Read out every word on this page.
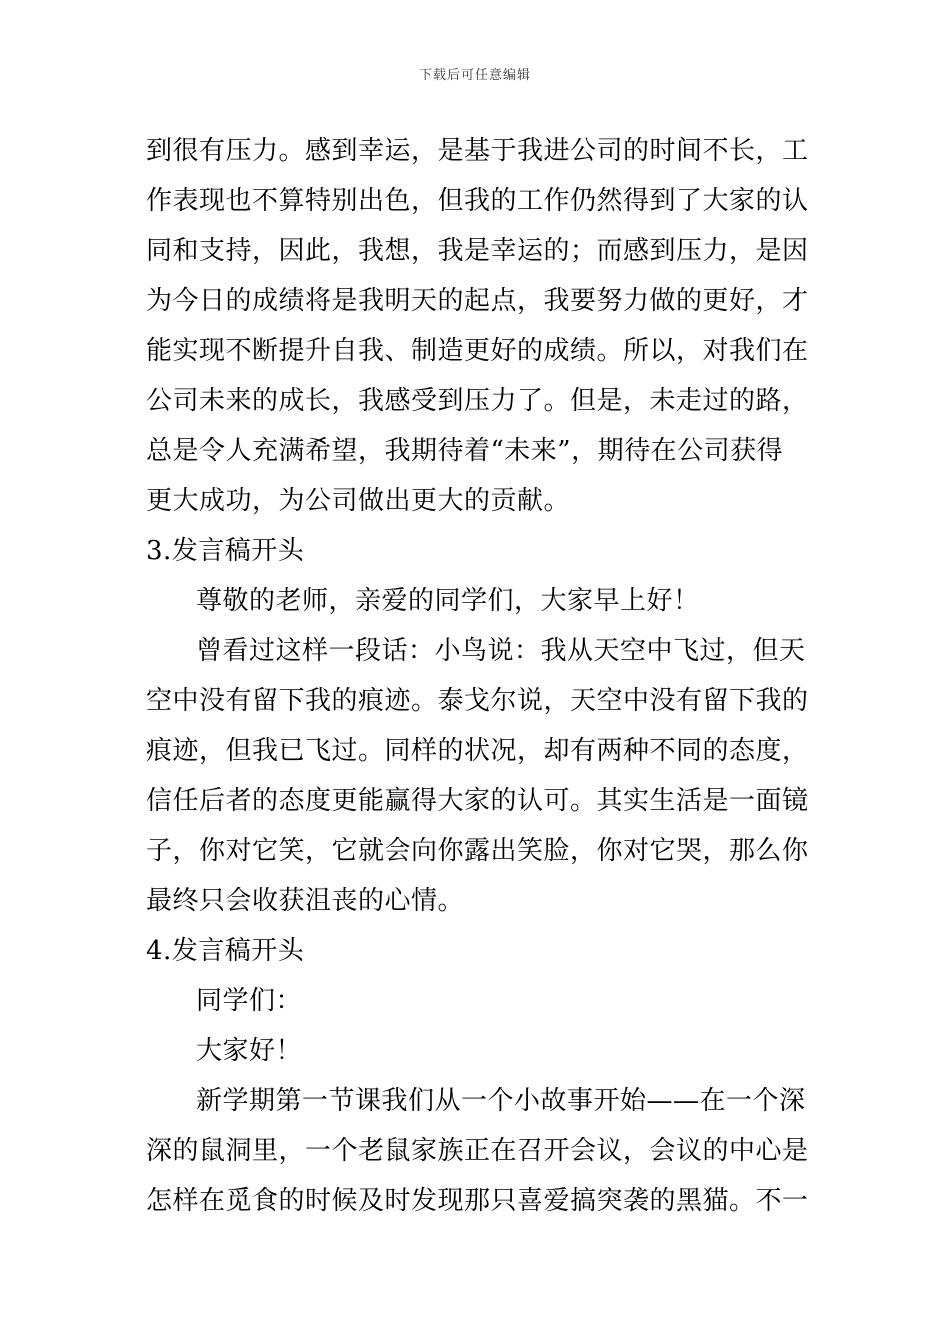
下载后可任意编辑
到很有压力。感到幸运，是基于我进公司的时间不长，工
作表现也不算特别出色，但我的工作仍然得到了大家的认
同和支持，因此，我想，我是幸运的；而感到压力，是因
为今日的成绩将是我明天的起点，我要努力做的更好，才
能实现不断提升自我、制造更好的成绩。所以，对我们在
公司未来的成长，我感受到压力了。但是，未走过的路，
总是令人充满希望，我期待着“未来”，期待在公司获得
更大成功，为公司做出更大的贡献。
3.发言稿开头
尊敬的老师，亲爱的同学们，大家早上好！
曾看过这样一段话：小鸟说：我从天空中飞过，但天
空中没有留下我的痕迹。泰戈尔说，天空中没有留下我的
痕迹，但我已飞过。同样的状况，却有两种不同的态度，
信任后者的态度更能赢得大家的认可。其实生活是一面镜
子，你对它笑，它就会向你露出笑脸，你对它哭，那么你
最终只会收获沮丧的心情。
4.发言稿开头
同学们：
大家好！
新学期第一节课我们从一个小故事开始——在一个深
深的鼠洞里，一个老鼠家族正在召开会议，会议的中心是
怎样在觅食的时候及时发现那只喜爱搞突袭的黑猫。不一
